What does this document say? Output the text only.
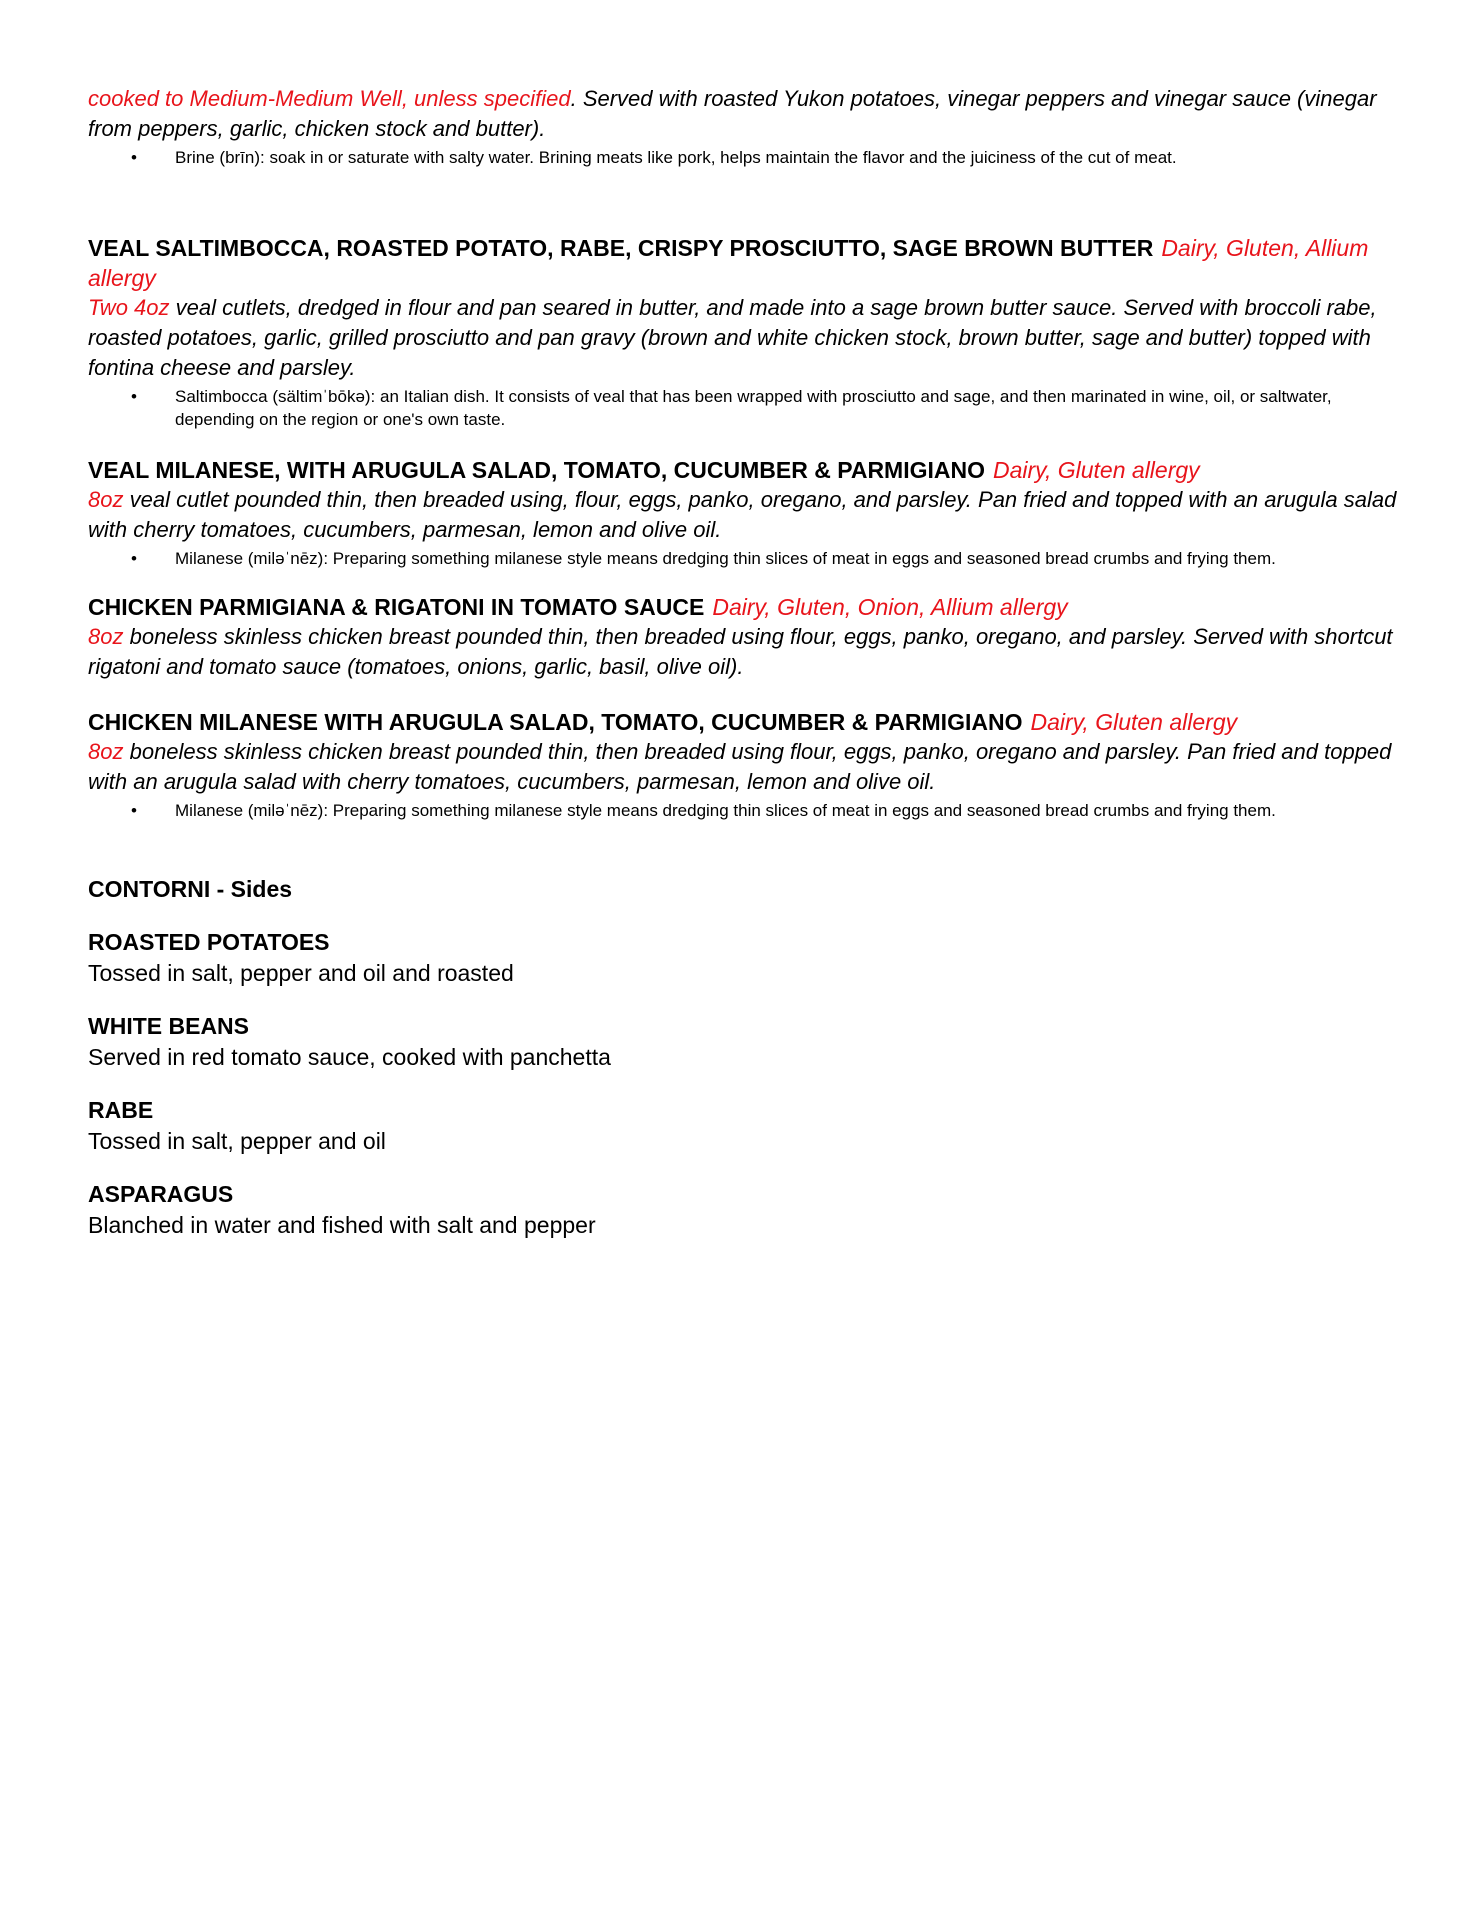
cooked to Medium-Medium Well, unless specified. Served with roasted Yukon potatoes, vinegar peppers and vinegar sauce (vinegar from peppers, garlic, chicken stock and butter).

• Brine (brīn): soak in or saturate with salty water. Brining meats like pork, helps maintain the flavor and the juiciness of the cut of meat.

VEAL SALTIMBOCCA, ROASTED POTATO, RABE, CRISPY PROSCIUTTO, SAGE BROWN BUTTER Dairy, Gluten, Allium allergy

Two 4oz veal cutlets, dredged in flour and pan seared in butter, and made into a sage brown butter sauce. Served with broccoli rabe, roasted potatoes, garlic, grilled prosciutto and pan gravy (brown and white chicken stock, brown butter, sage and butter) topped with fontina cheese and parsley.

• Saltimbocca (sältimˈbōkə): an Italian dish. It consists of veal that has been wrapped with prosciutto and sage, and then marinated in wine, oil, or saltwater, depending on the region or one's own taste.

VEAL MILANESE, WITH ARUGULA SALAD, TOMATO, CUCUMBER & PARMIGIANO Dairy, Gluten allergy

8oz veal cutlet pounded thin, then breaded using, flour, eggs, panko, oregano, and parsley. Pan fried and topped with an arugula salad with cherry tomatoes, cucumbers, parmesan, lemon and olive oil.

• Milanese (miləˈnēz): Preparing something milanese style means dredging thin slices of meat in eggs and seasoned bread crumbs and frying them.

CHICKEN PARMIGIANA & RIGATONI IN TOMATO SAUCE Dairy, Gluten, Onion, Allium allergy

8oz boneless skinless chicken breast pounded thin, then breaded using flour, eggs, panko, oregano, and parsley. Served with shortcut rigatoni and tomato sauce (tomatoes, onions, garlic, basil, olive oil).

CHICKEN MILANESE WITH ARUGULA SALAD, TOMATO, CUCUMBER & PARMIGIANO Dairy, Gluten allergy

8oz boneless skinless chicken breast pounded thin, then breaded using flour, eggs, panko, oregano and parsley. Pan fried and topped with an arugula salad with cherry tomatoes, cucumbers, parmesan, lemon and olive oil.

• Milanese (miləˈnēz): Preparing something milanese style means dredging thin slices of meat in eggs and seasoned bread crumbs and frying them.

CONTORNI - Sides

ROASTED POTATOES

Tossed in salt, pepper and oil and roasted

WHITE BEANS

Served in red tomato sauce, cooked with panchetta

RABE

Tossed in salt, pepper and oil

ASPARAGUS

Blanched in water and fished with salt and pepper
